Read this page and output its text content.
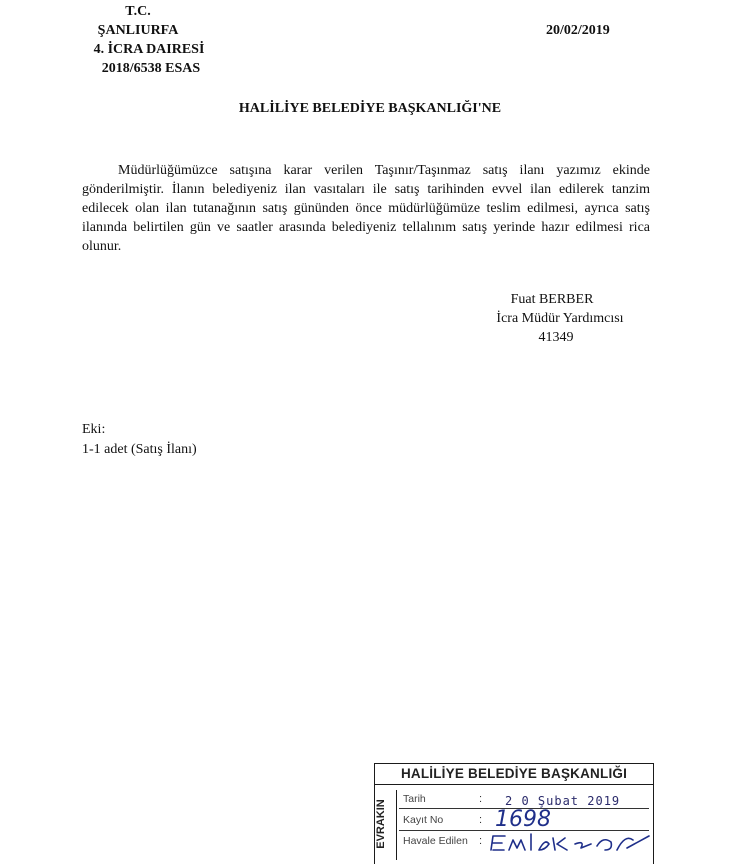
T.C.
ŞANLIURFA
4. İCRA DAIRESİ
2018/6538 ESAS
20/02/2019
HALİLİYE BELEDİYE BAŞKANLIĞI'NE
Müdürlüğümüzce satışına karar verilen Taşınır/Taşınmaz satış ilanı yazımız ekinde gönderilmiştir. İlanın belediyeniz ilan vasıtaları ile satış tarihinden evvel ilan edilerek tanzim edilecek olan ilan tutanağının satış gününden önce müdürlüğümüze teslim edilmesi, ayrıca satış ilanında belirtilen gün ve saatler arasında belediyeniz tellalınım satış yerinde hazır edilmesi rica olunur.
Fuat BERBER
İcra Müdür Yardımcısı
41349
Eki:
1-1 adet (Satış İlanı)
HALİLİYE BELEDİYE BAŞKANLIĞI
EVRAKIN
Tarih	: 2 0 Şubat 2019
Kayıt No	: 1698
Havale Edilen :
